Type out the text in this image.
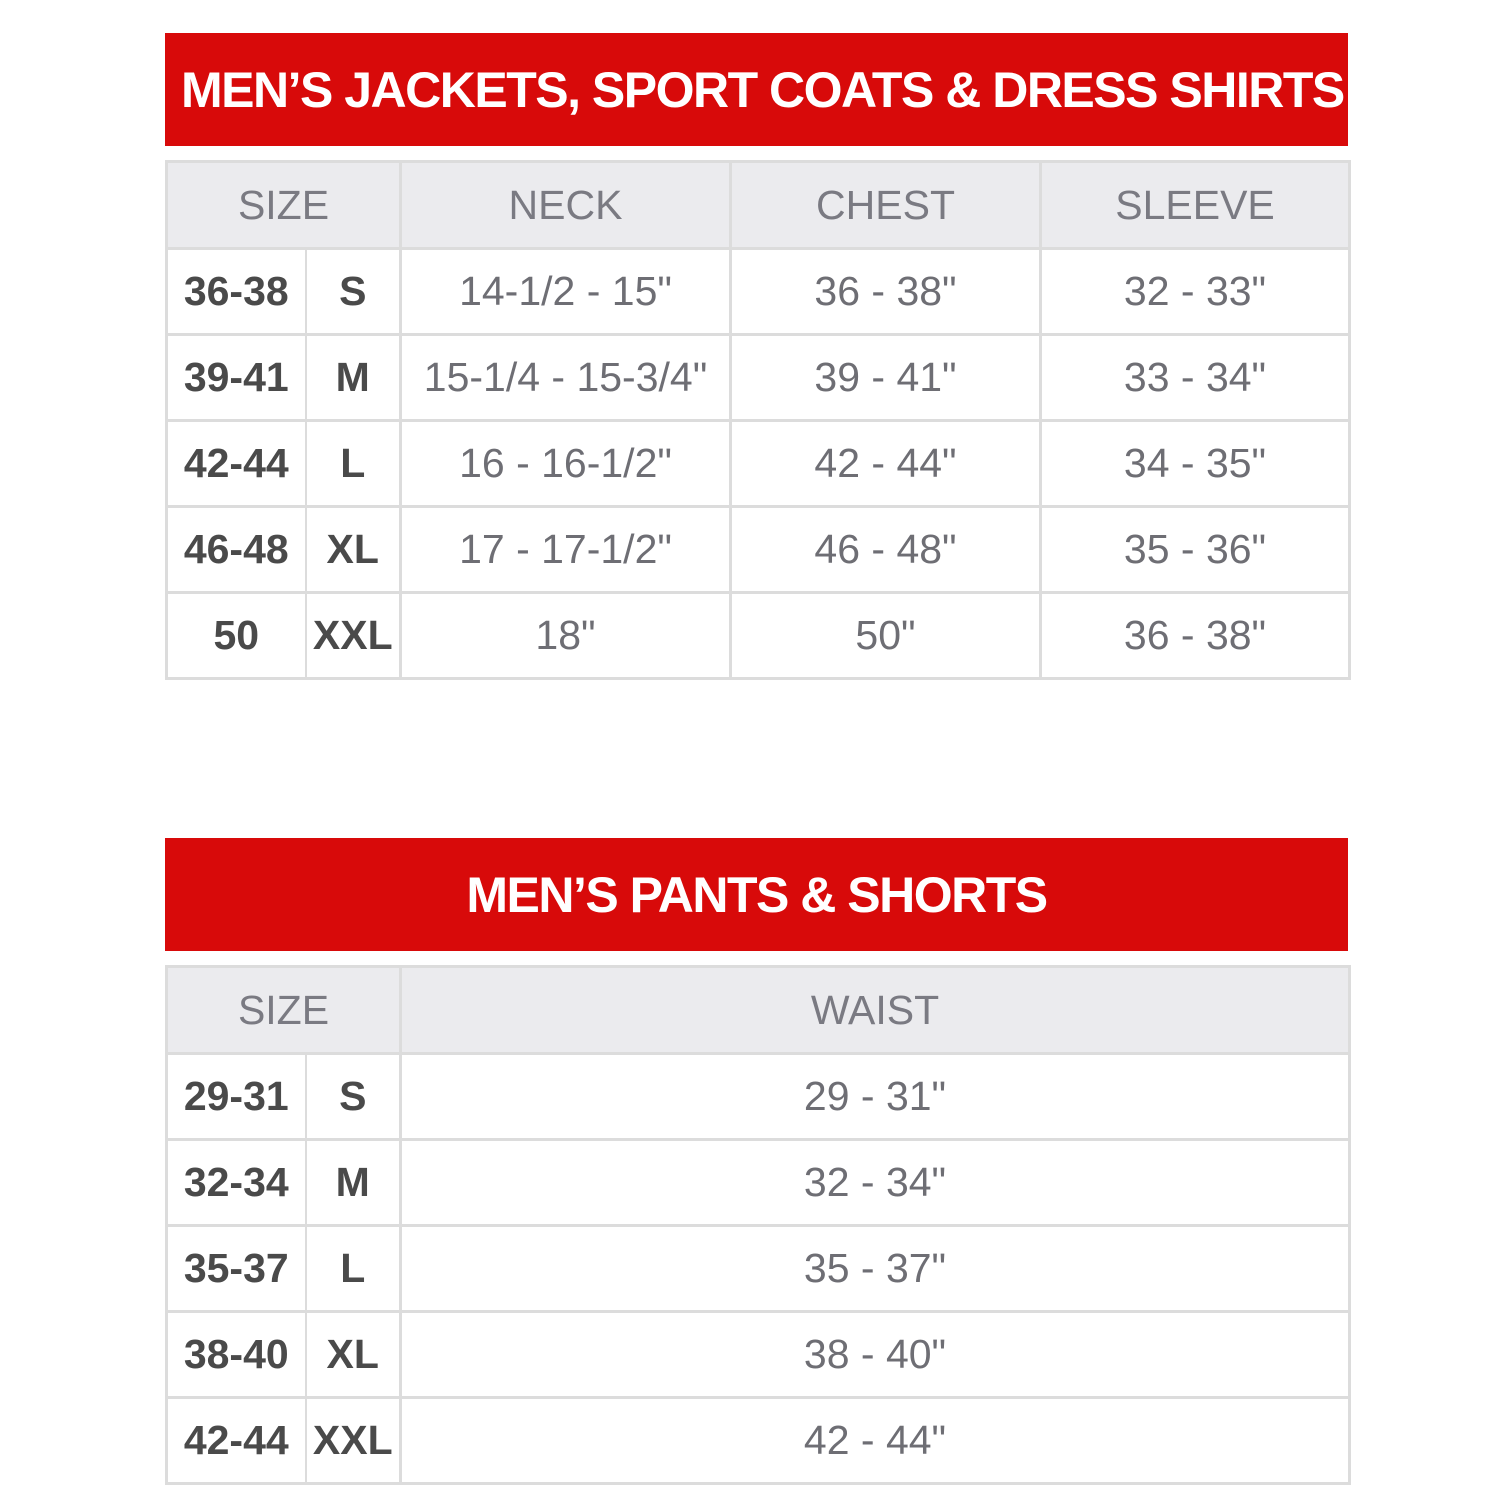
MEN’S JACKETS, SPORT COATS & DRESS SHIRTS
SIZE		NECK	CHEST	SLEEVE
36-38	S	14-1/2 - 15"	36 - 38"	32 - 33"
39-41	M	15-1/4 - 15-3/4"	39 - 41"	33 - 34"
42-44	L	16 - 16-1/2"	42 - 44"	34 - 35"
46-48	XL	17 - 17-1/2"	46 - 48"	35 - 36"
50	XXL	18"	50"	36 - 38"
MEN’S PANTS & SHORTS
SIZE		WAIST
29-31	S	29 - 31"
32-34	M	32 - 34"
35-37	L	35 - 37"
38-40	XL	38 - 40"
42-44	XXL	42 - 44"
